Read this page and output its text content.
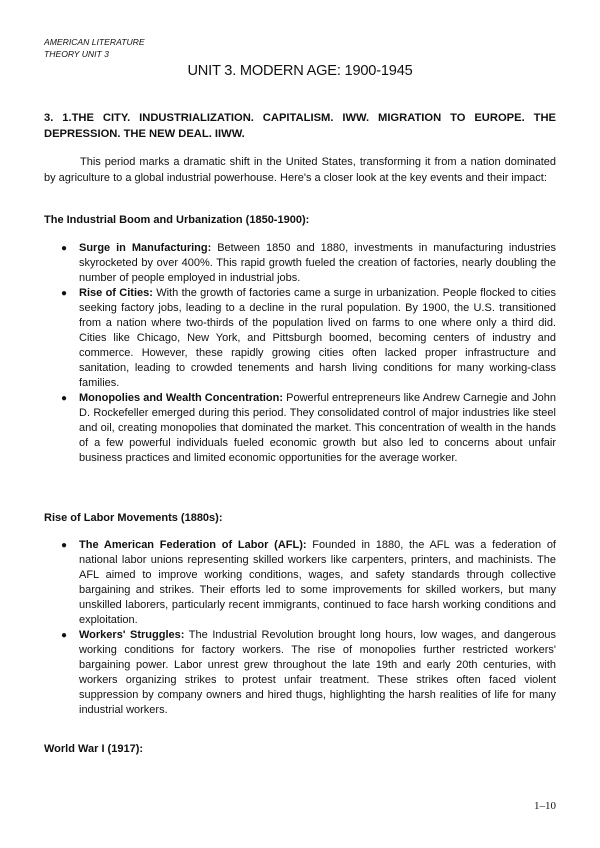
AMERICAN LITERATURE
THEORY UNIT 3
UNIT 3. MODERN AGE: 1900-1945
3. 1.THE CITY. INDUSTRIALIZATION. CAPITALISM. IWW. MIGRATION TO EUROPE. THE DEPRESSION. THE NEW DEAL. IIWW.

This period marks a dramatic shift in the United States, transforming it from a nation dominated by agriculture to a global industrial powerhouse. Here's a closer look at the key events and their impact:

The Industrial Boom and Urbanization (1850-1900):
● Surge in Manufacturing: Between 1850 and 1880, investments in manufacturing industries skyrocketed by over 400%. This rapid growth fueled the creation of factories, nearly doubling the number of people employed in industrial jobs.
● Rise of Cities: With the growth of factories came a surge in urbanization. People flocked to cities seeking factory jobs, leading to a decline in the rural population. By 1900, the U.S. transitioned from a nation where two-thirds of the population lived on farms to one where only a third did. Cities like Chicago, New York, and Pittsburgh boomed, becoming centers of industry and commerce. However, these rapidly growing cities often lacked proper infrastructure and sanitation, leading to crowded tenements and harsh living conditions for many working-class families.
● Monopolies and Wealth Concentration: Powerful entrepreneurs like Andrew Carnegie and John D. Rockefeller emerged during this period. They consolidated control of major industries like steel and oil, creating monopolies that dominated the market. This concentration of wealth in the hands of a few powerful individuals fueled economic growth but also led to concerns about unfair business practices and limited economic opportunities for the average worker.
Rise of Labor Movements (1880s):
● The American Federation of Labor (AFL): Founded in 1880, the AFL was a federation of national labor unions representing skilled workers like carpenters, printers, and machinists. The AFL aimed to improve working conditions, wages, and safety standards through collective bargaining and strikes. Their efforts led to some improvements for skilled workers, but many unskilled laborers, particularly recent immigrants, continued to face harsh working conditions and exploitation.
● Workers' Struggles: The Industrial Revolution brought long hours, low wages, and dangerous working conditions for factory workers. The rise of monopolies further restricted workers' bargaining power. Labor unrest grew throughout the late 19th and early 20th centuries, with workers organizing strikes to protest unfair treatment. These strikes often faced violent suppression by company owners and hired thugs, highlighting the harsh realities of life for many industrial workers.
World War I (1917):
1–10
